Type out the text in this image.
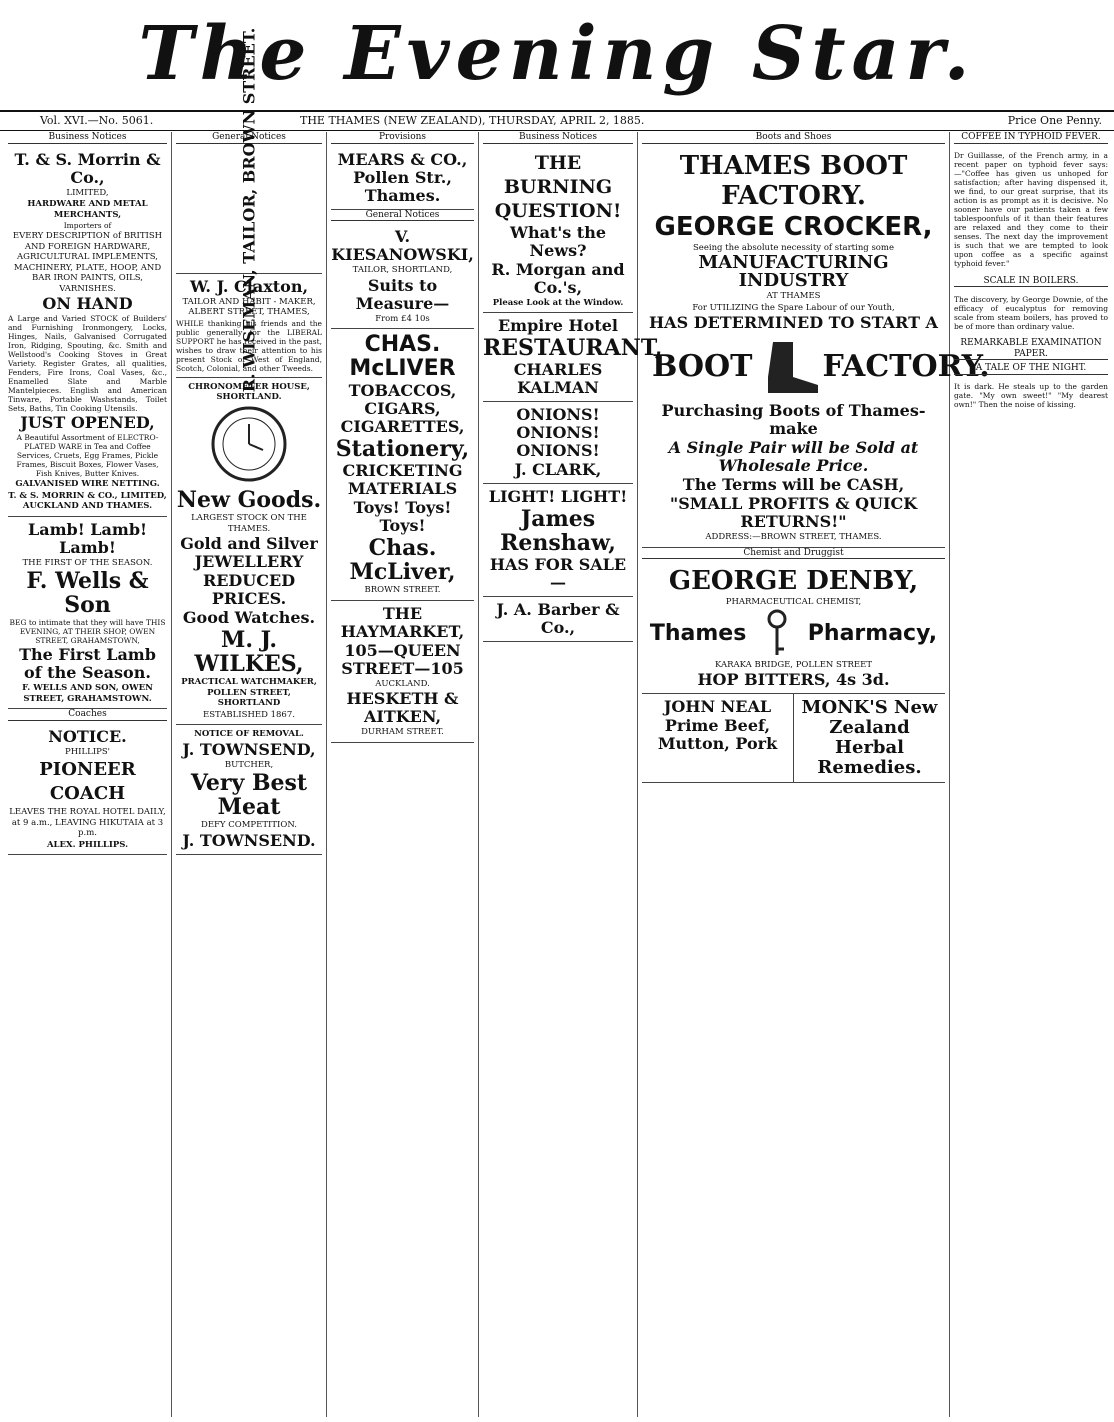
The Evening Star.
Vol. XVI.—No. 5061.	THE THAMES (NEW ZEALAND), THURSDAY, APRIL 2, 1885.	Price One Penny.
Business Notices

T. & S. Morrin & Co.,

LIMITED,

HARDWARE AND METAL MERCHANTS,

Importers of

EVERY DESCRIPTION of BRITISH AND FOREIGN HARDWARE, AGRICULTURAL IMPLEMENTS, MACHINERY, PLATE, HOOP, AND BAR IRON PAINTS, OILS, VARNISHES.

ON HAND

A Large and Varied STOCK of Builders' and Furnishing Ironmongery, Locks, Hinges, Nails, Galvanised Corrugated Iron, Ridging, Spouting, &c. Smith and Wellstood's Cooking Stoves in Great Variety. Register Grates, all qualities, Fenders, Fire Irons, Coal Vases, &c., Enamelled Slate and Marble Mantelpieces. English and American Tinware, Portable Washstands, Toilet Sets, Baths, Tin Cooking Utensils.

JUST OPENED,

A Beautiful Assortment of ELECTRO-PLATED WARE in Tea and Coffee Services, Cruets, Egg Frames, Pickle Frames, Biscuit Boxes, Flower Vases, Fish Knives, Butter Knives.

GALVANISED WIRE NETTING.

T. & S. MORRIN & CO., LIMITED, AUCKLAND AND THAMES.

Lamb! Lamb! Lamb!

THE FIRST OF THE SEASON.

F. Wells & Son

BEG to intimate that they will have THIS EVENING, AT THEIR SHOP, OWEN STREET, GRAHAMSTOWN,

The First Lamb of the Season.

F. WELLS AND SON, OWEN STREET, GRAHAMSTOWN.

Coaches

NOTICE.

PHILLIPS'

PIONEER COACH

LEAVES THE ROYAL HOTEL DAILY, at 9 a.m., LEAVING HIKUTAIA at 3 p.m.

ALEX. PHILLIPS.

General Notices

R. WISEMAN, TAILOR, BROWN STREET.

W. J. Claxton,

TAILOR AND HABIT - MAKER, ALBERT STREET, THAMES,

WHILE thanking his friends and the public generally for the LIBERAL SUPPORT he has received in the past, wishes to draw their attention to his present Stock of West of England, Scotch, Colonial, and other Tweeds.

CHRONOMETER HOUSE, SHORTLAND.

New Goods.

LARGEST STOCK ON THE THAMES.

Gold and Silver JEWELLERY

REDUCED PRICES.

Good Watches.

M. J. WILKES,

PRACTICAL WATCHMAKER, POLLEN STREET, SHORTLAND

ESTABLISHED 1867.

NOTICE OF REMOVAL.

J. TOWNSEND,

BUTCHER,

Very Best Meat

DEFY COMPETITION.

J. TOWNSEND.

Provisions

MEARS & CO., Pollen Str., Thames.

General Notices

V. KIESANOWSKI,

TAILOR, SHORTLAND,

Suits to Measure—

From £4 10s

CHAS. McLIVER

TOBACCOS, CIGARS, CIGARETTES,

Stationery,

CRICKETING MATERIALS

Toys! Toys! Toys!

Chas. McLiver,

BROWN STREET.

THE HAYMARKET,

105—QUEEN STREET—105

AUCKLAND.

HESKETH & AITKEN,

DURHAM STREET.

Business Notices

THE BURNING QUESTION!

What's the News?

R. Morgan and Co.'s,

Please Look at the Window.

Empire Hotel

RESTAURANT,

CHARLES KALMAN

ONIONS! ONIONS! ONIONS!

J. CLARK,

LIGHT! LIGHT!

James Renshaw,

HAS FOR SALE—

J. A. Barber & Co.,

Boots and Shoes

THAMES BOOT FACTORY.

GEORGE CROCKER,

Seeing the absolute necessity of starting some

MANUFACTURING INDUSTRY

AT THAMES

For UTILIZING the Spare Labour of our Youth,

HAS DETERMINED TO START A

BOOT FACTORY.

Purchasing Boots of Thames-make

A Single Pair will be Sold at Wholesale Price.

The Terms will be CASH,

"SMALL PROFITS & QUICK RETURNS!"

ADDRESS:—BROWN STREET, THAMES.

Chemist and Druggist

GEORGE DENBY,

PHARMACEUTICAL CHEMIST,

Thames	Pharmacy,

KARAKA BRIDGE, POLLEN STREET

HOP BITTERS, 4s 3d.

JOHN NEAL

Prime Beef, Mutton, Pork

MONK'S New Zealand Herbal Remedies.

COFFEE IN TYPHOID FEVER.

Dr Guillasse, of the French army, in a recent paper on typhoid fever says:—"Coffee has given us unhoped for satisfaction; after having dispensed it, we find, to our great surprise, that its action is as prompt as it is decisive. No sooner have our patients taken a few tablespoonfuls of it than their features are relaxed and they come to their senses. The next day the improvement is such that we are tempted to look upon coffee as a specific against typhoid fever."

SCALE IN BOILERS.

The discovery, by George Downie, of the efficacy of eucalyptus for removing scale from steam boilers, has proved to be of more than ordinary value.

REMARKABLE EXAMINATION PAPER.
A TALE OF THE NIGHT.

It is dark. He steals up to the garden gate. "My own sweet!" "My dearest own!" Then the noise of kissing.
